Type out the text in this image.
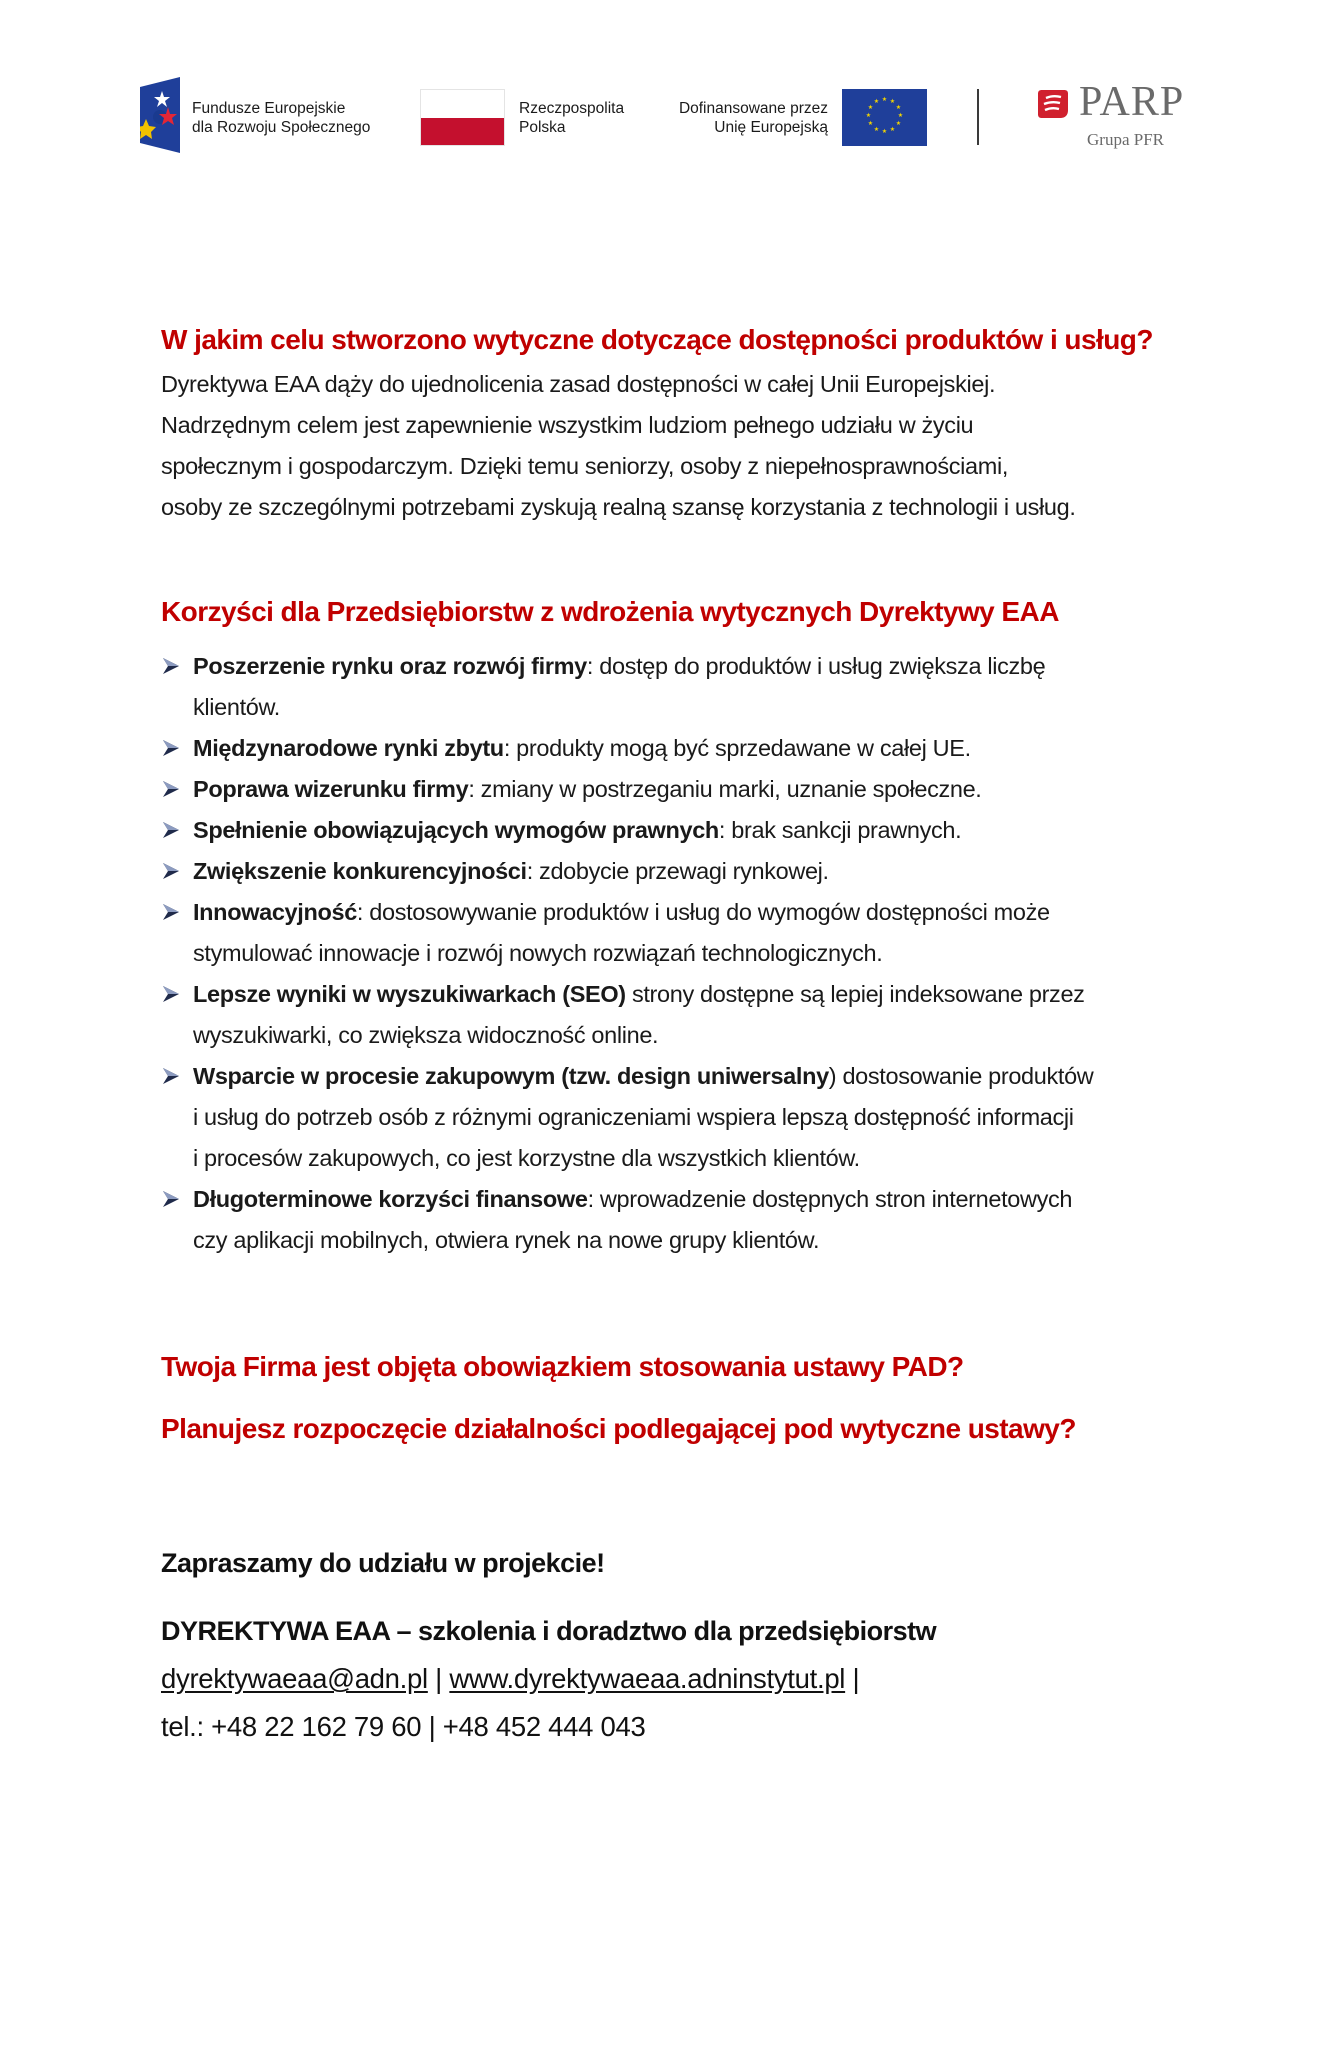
Fundusze Europejskie
dla Rozwoju Społecznego
Rzeczpospolita
Polska
Dofinansowane przez
Unię Europejską
★ ★
★
★
★
★
★
★
★
★
★
★	PARP
Grupa PFR
W jakim celu stworzono wytyczne dotyczące dostępności produktów i usług?
Dyrektywa EAA dąży do ujednolicenia zasad dostępności w całej Unii Europejskiej.
Nadrzędnym celem jest zapewnienie wszystkim ludziom pełnego udziału w życiu
społecznym i gospodarczym. Dzięki temu seniorzy, osoby z niepełnosprawnościami,
osoby ze szczególnymi potrzebami zyskują realną szansę korzystania z technologii i usług.
Korzyści dla Przedsiębiorstw z wdrożenia wytycznych Dyrektywy EAA
Poszerzenie rynku oraz rozwój firmy: dostęp do produktów i usług zwiększa liczbę
klientów.
Międzynarodowe rynki zbytu: produkty mogą być sprzedawane w całej UE.
Poprawa wizerunku firmy: zmiany w postrzeganiu marki, uznanie społeczne.
Spełnienie obowiązujących wymogów prawnych: brak sankcji prawnych.
Zwiększenie konkurencyjności: zdobycie przewagi rynkowej.
Innowacyjność: dostosowywanie produktów i usług do wymogów dostępności może
stymulować innowacje i rozwój nowych rozwiązań technologicznych.
Lepsze wyniki w wyszukiwarkach (SEO) strony dostępne są lepiej indeksowane przez
wyszukiwarki, co zwiększa widoczność online.
Wsparcie w procesie zakupowym (tzw. design uniwersalny) dostosowanie produktów
i usług do potrzeb osób z różnymi ograniczeniami wspiera lepszą dostępność informacji
i procesów zakupowych, co jest korzystne dla wszystkich klientów.
Długoterminowe korzyści finansowe: wprowadzenie dostępnych stron internetowych
czy aplikacji mobilnych, otwiera rynek na nowe grupy klientów.
Twoja Firma jest objęta obowiązkiem stosowania ustawy PAD?
Planujesz rozpoczęcie działalności podlegającej pod wytyczne ustawy?
Zapraszamy do udziału w projekcie!
DYREKTYWA EAA – szkolenia i doradztwo dla przedsiębiorstw
dyrektywaeaa@adn.pl | www.dyrektywaeaa.adninstytut.pl |
tel.: +48 22 162 79 60 | +48 452 444 043
